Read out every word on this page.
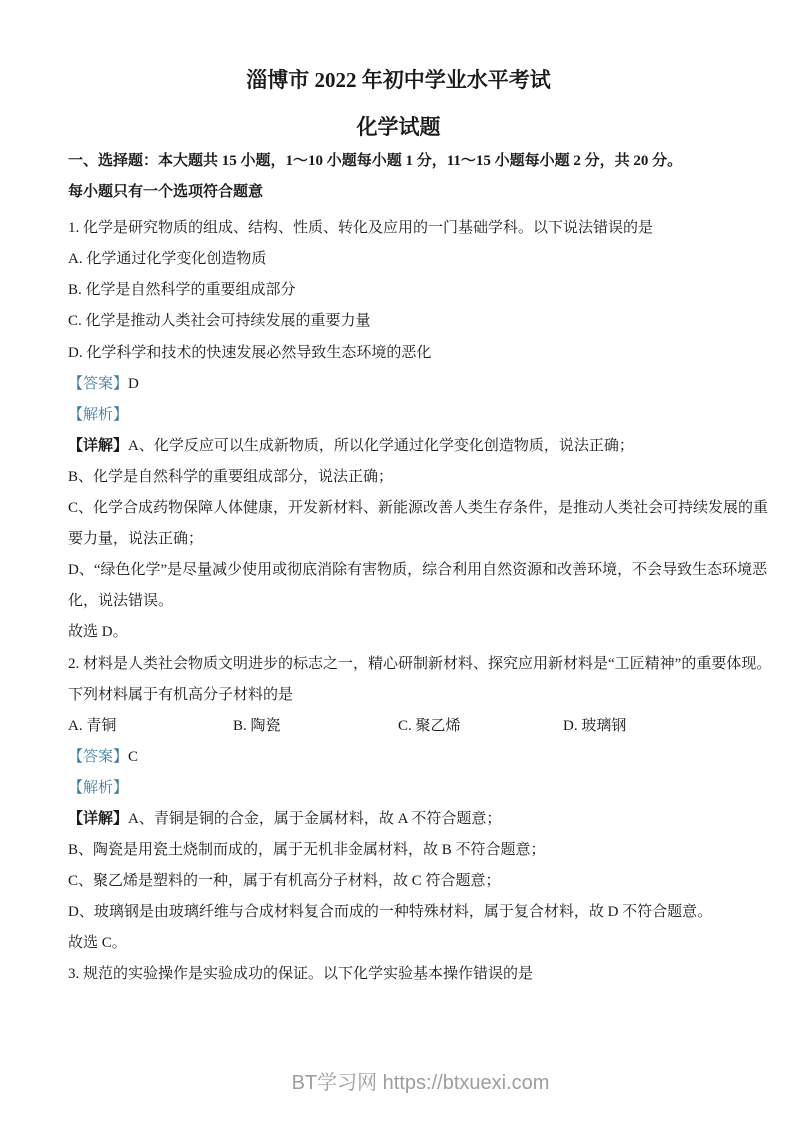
淄博市 2022 年初中学业水平考试
化学试题
一、选择题：本大题共 15 小题，1～10 小题每小题 1 分，11～15 小题每小题 2 分，共 20 分。
每小题只有一个选项符合题意
1. 化学是研究物质的组成、结构、性质、转化及应用的一门基础学科。以下说法错误的是
A. 化学通过化学变化创造物质
B. 化学是自然科学的重要组成部分
C. 化学是推动人类社会可持续发展的重要力量
D. 化学科学和技术的快速发展必然导致生态环境的恶化
【答案】D
【解析】
【详解】A、化学反应可以生成新物质，所以化学通过化学变化创造物质，说法正确；
B、化学是自然科学的重要组成部分，说法正确；
C、化学合成药物保障人体健康，开发新材料、新能源改善人类生存条件，是推动人类社会可持续发展的重
要力量，说法正确；
D、“绿色化学”是尽量减少使用或彻底消除有害物质，综合利用自然资源和改善环境，不会导致生态环境恶
化，说法错误。
故选 D。
2. 材料是人类社会物质文明进步的标志之一，精心研制新材料、探究应用新材料是“工匠精神”的重要体现。
下列材料属于有机高分子材料的是
A. 青铜	B. 陶瓷	C. 聚乙烯	D. 玻璃钢
【答案】C
【解析】
【详解】A、青铜是铜的合金，属于金属材料，故 A 不符合题意；
B、陶瓷是用瓷土烧制而成的，属于无机非金属材料，故 B 不符合题意；
C、聚乙烯是塑料的一种，属于有机高分子材料，故 C 符合题意；
D、玻璃钢是由玻璃纤维与合成材料复合而成的一种特殊材料，属于复合材料，故 D 不符合题意。
故选 C。
3. 规范的实验操作是实验成功的保证。以下化学实验基本操作错误的是
BT学习网 https://btxuexi.com
